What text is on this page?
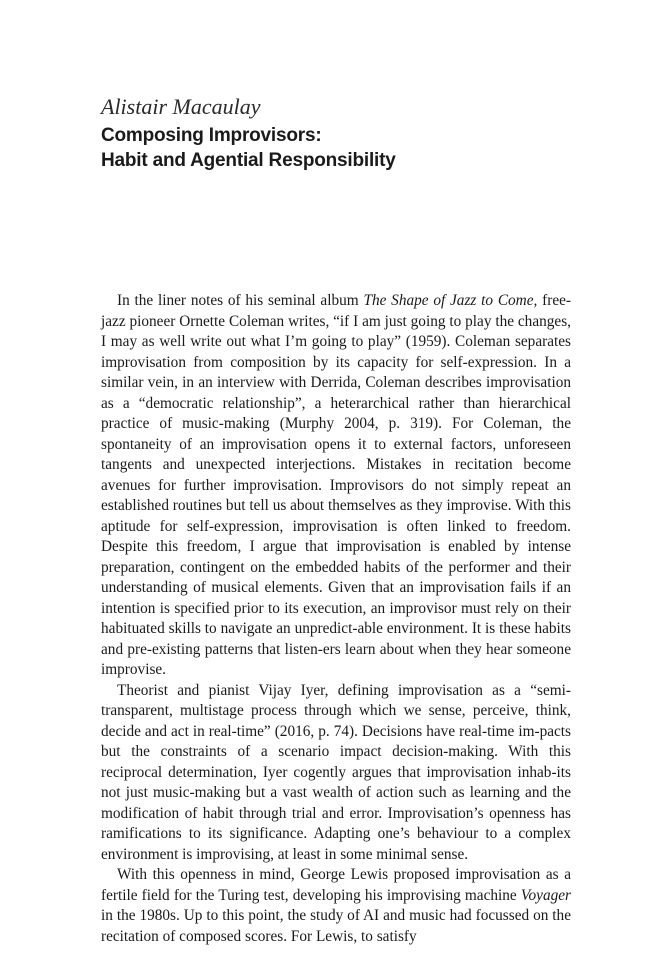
Alistair Macaulay
Composing Improvisors:
Habit and Agential Responsibility

In the liner notes of his seminal album The Shape of Jazz to Come, free-jazz pioneer Ornette Coleman writes, “if I am just going to play the changes, I may as well write out what I’m going to play” (1959). Coleman separates improvisation from composition by its capacity for self-expression. In a similar vein, in an interview with Derrida, Coleman describes improvisation as a “democratic relationship”, a heterarchical rather than hierarchical practice of music-making (Murphy 2004, p. 319). For Coleman, the spontaneity of an improvisation opens it to external factors, unforeseen tangents and unexpected interjections. Mistakes in recitation become avenues for further improvisation. Improvisors do not simply repeat an established routines but tell us about themselves as they improvise. With this aptitude for self-expression, improvisation is often linked to freedom. Despite this freedom, I argue that improvisation is enabled by intense preparation, contingent on the embedded habits of the performer and their understanding of musical elements. Given that an improvisation fails if an intention is specified prior to its execution, an improvisor must rely on their habituated skills to navigate an unpredict-able environment. It is these habits and pre-existing patterns that listen-ers learn about when they hear someone improvise.

Theorist and pianist Vijay Iyer, defining improvisation as a “semi-transparent, multistage process through which we sense, perceive, think, decide and act in real-time” (2016, p. 74). Decisions have real-time im-pacts but the constraints of a scenario impact decision-making. With this reciprocal determination, Iyer cogently argues that improvisation inhab-its not just music-making but a vast wealth of action such as learning and the modification of habit through trial and error. Improvisation’s openness has ramifications to its significance. Adapting one’s behaviour to a complex environment is improvising, at least in some minimal sense.

With this openness in mind, George Lewis proposed improvisation as a fertile field for the Turing test, developing his improvising machine Voyager in the 1980s. Up to this point, the study of AI and music had focussed on the recitation of composed scores. For Lewis, to satisfy
